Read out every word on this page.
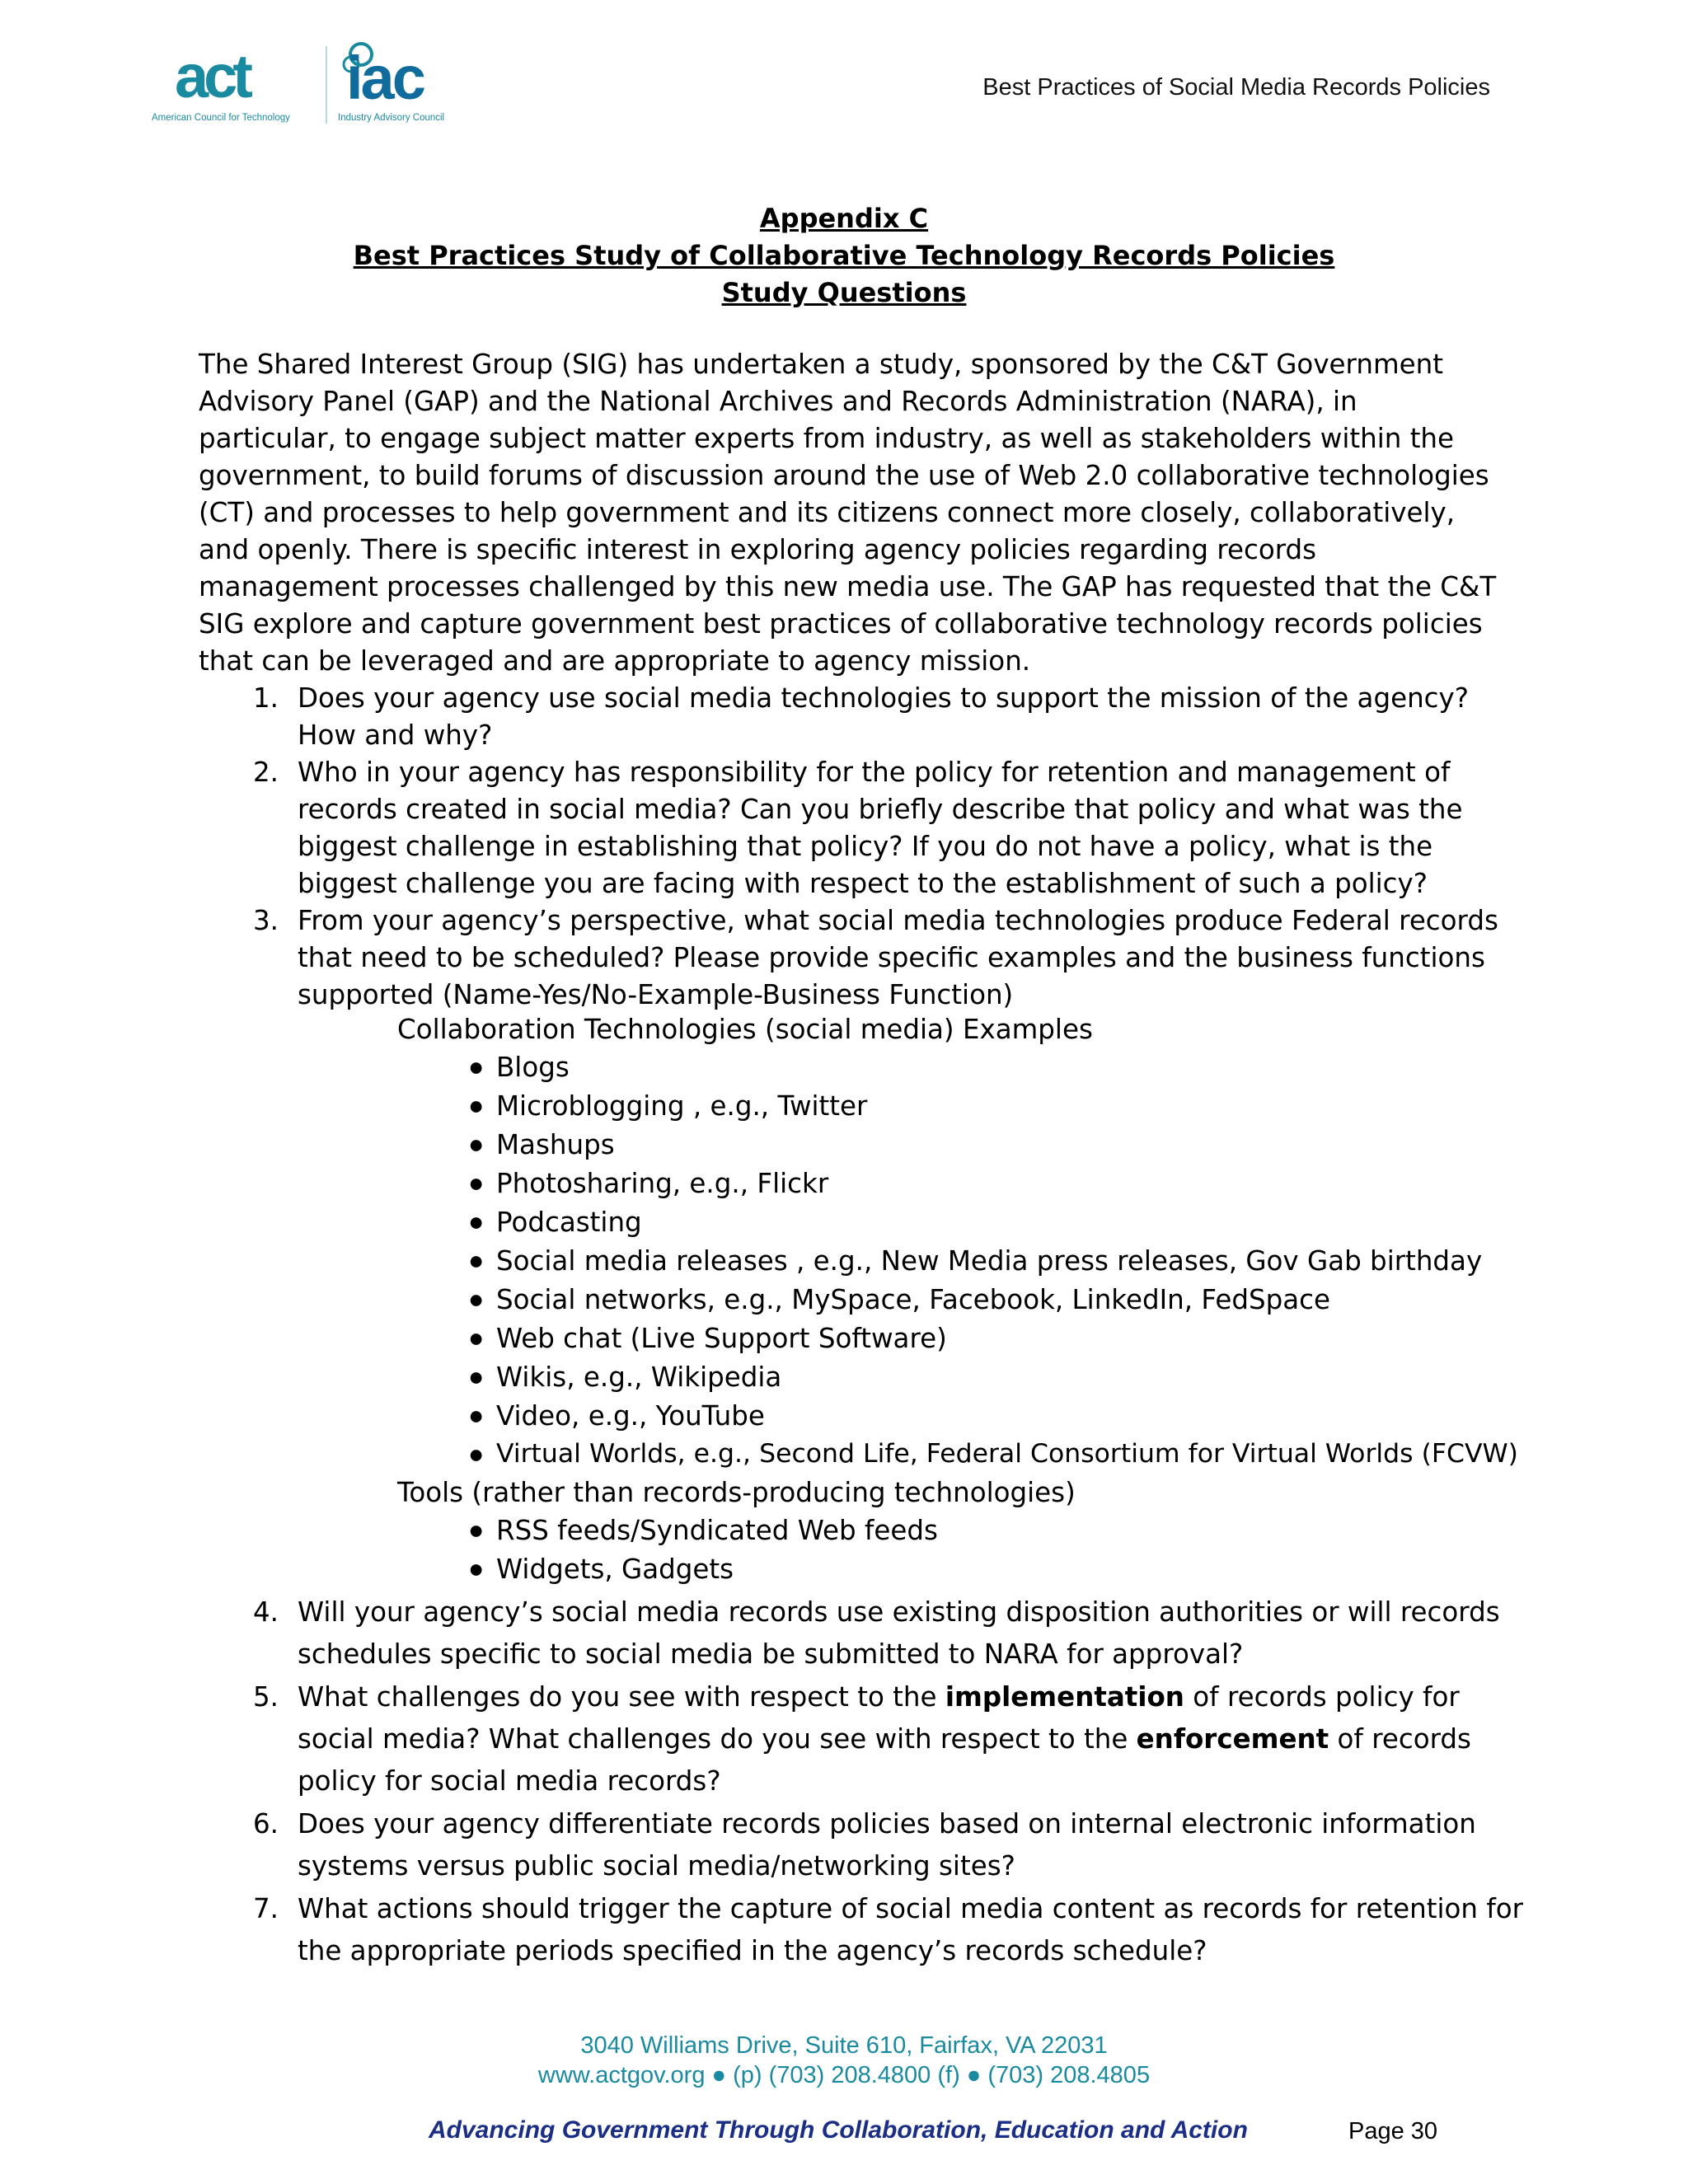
act
American Council for Technology
iac
Industry Advisory Council
Best Practices of Social Media Records Policies
Appendix C
Best Practices Study of Collaborative Technology Records Policies
Study Questions
The Shared Interest Group (SIG) has undertaken a study, sponsored by the C&T Government Advisory Panel (GAP) and the National Archives and Records Administration (NARA), in particular, to engage subject matter experts from industry, as well as stakeholders within the government, to build forums of discussion around the use of Web 2.0 collaborative technologies (CT) and processes to help government and its citizens connect more closely, collaboratively, and openly. There is specific interest in exploring agency policies regarding records management processes challenged by this new media use. The GAP has requested that the C&T SIG explore and capture government best practices of collaborative technology records policies that can be leveraged and are appropriate to agency mission.
1. Does your agency use social media technologies to support the mission of the agency? How and why?
2. Who in your agency has responsibility for the policy for retention and management of records created in social media? Can you briefly describe that policy and what was the biggest challenge in establishing that policy? If you do not have a policy, what is the biggest challenge you are facing with respect to the establishment of such a policy?
3. From your agency’s perspective, what social media technologies produce Federal records that need to be scheduled? Please provide specific examples and the business functions supported (Name-Yes/No-Example-Business Function)
Collaboration Technologies (social media) Examples
● Blogs
● Microblogging , e.g., Twitter
● Mashups
● Photosharing, e.g., Flickr
● Podcasting
● Social media releases , e.g., New Media press releases, Gov Gab birthday
● Social networks, e.g., MySpace, Facebook, LinkedIn, FedSpace
● Web chat (Live Support Software)
● Wikis, e.g., Wikipedia
● Video, e.g., YouTube
● Virtual Worlds, e.g., Second Life, Federal Consortium for Virtual Worlds (FCVW)
Tools (rather than records-producing technologies)
● RSS feeds/Syndicated Web feeds
● Widgets, Gadgets
4. Will your agency’s social media records use existing disposition authorities or will records schedules specific to social media be submitted to NARA for approval?
5. What challenges do you see with respect to the implementation of records policy for social media? What challenges do you see with respect to the enforcement of records policy for social media records?
6. Does your agency differentiate records policies based on internal electronic information systems versus public social media/networking sites?
7. What actions should trigger the capture of social media content as records for retention for the appropriate periods specified in the agency’s records schedule?
3040 Williams Drive, Suite 610, Fairfax, VA 22031
www.actgov.org ● (p) (703) 208.4800 (f) ● (703) 208.4805
Advancing Government Through Collaboration, Education and Action	Page 30
